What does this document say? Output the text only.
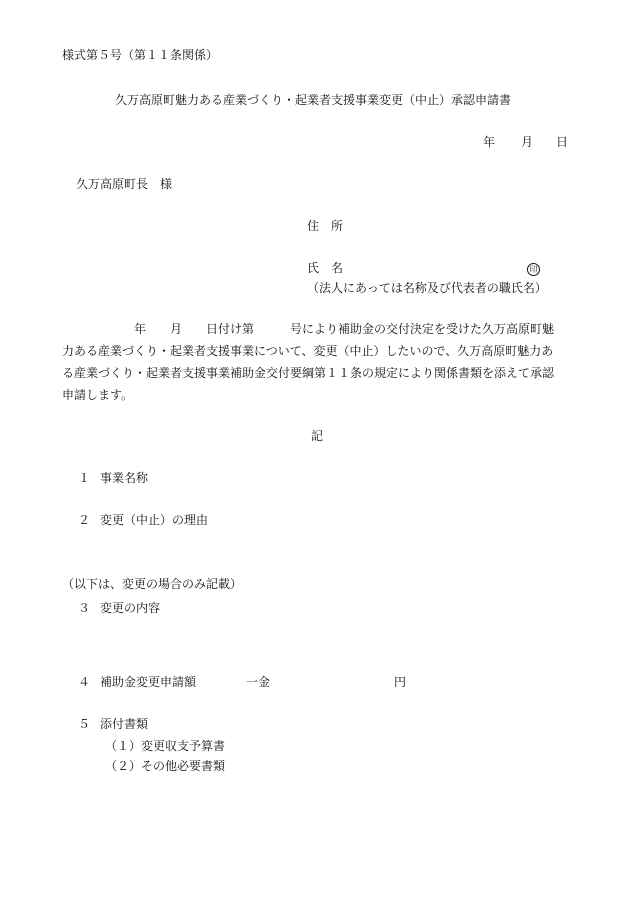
様式第５号（第１１条関係）
久万高原町魅力ある産業づくり・起業者支援事業変更（中止）承認申請書
年 月 日
久万高原町長　様
住　所
氏　名	印
（法人にあっては名称及び代表者の職氏名）
年 月 日付け第	号により補助金の交付決定を受けた久万高原町魅
力ある産業づくり・起業者支援事業について、変更（中止）したいので、久万高原町魅力あ
る産業づくり・起業者支援事業補助金交付要綱第１１条の規定により関係書類を添えて承認
申請します。
記
１ 事業名称
２ 変更（中止）の理由
（以下は、変更の場合のみ記載）
３ 変更の内容
４ 補助金変更申請額	一金	円
５ 添付書類
（１）変更収支予算書
（２）その他必要書類
